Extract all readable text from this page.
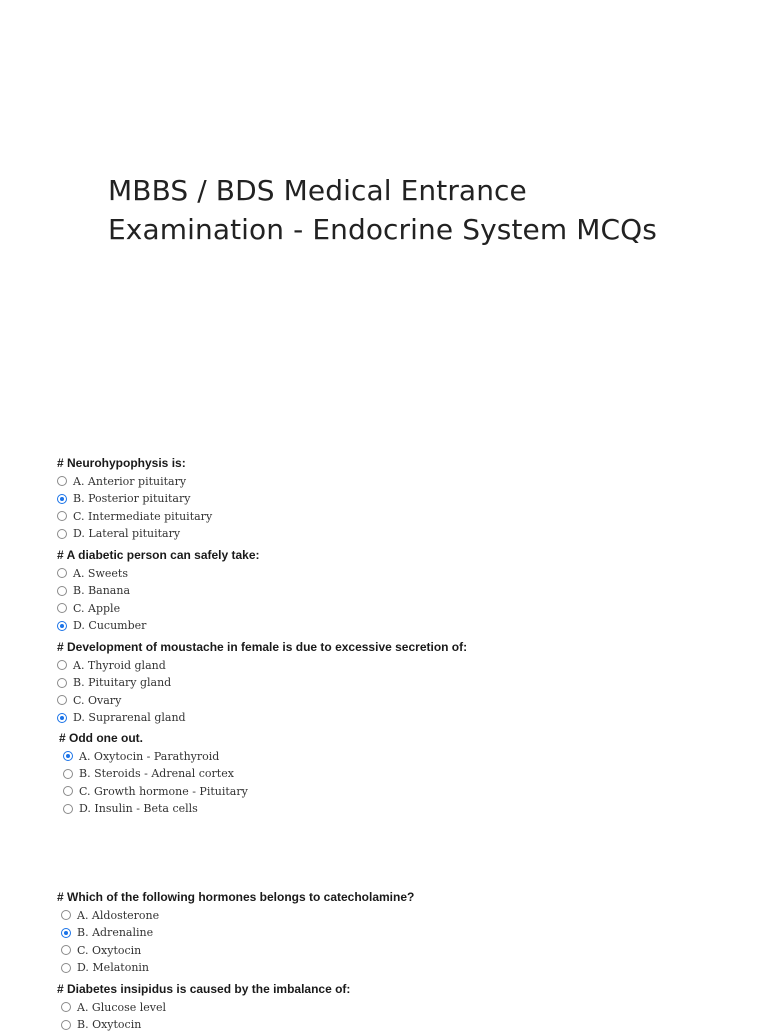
MBBS / BDS Medical Entrance
Examination - Endocrine System MCQs
# Neurohypophysis is:
A. Anterior pituitary
B. Posterior pituitary
C. Intermediate pituitary
D. Lateral pituitary
# A diabetic person can safely take:
A. Sweets
B. Banana
C. Apple
D. Cucumber
# Development of moustache in female is due to excessive secretion of:
A. Thyroid gland
B. Pituitary gland
C. Ovary
D. Suprarenal gland
# Odd one out.
A. Oxytocin - Parathyroid
B. Steroids - Adrenal cortex
C. Growth hormone - Pituitary
D. Insulin - Beta cells
# Which of the following hormones belongs to catecholamine?
A. Aldosterone
B. Adrenaline
C. Oxytocin
D. Melatonin
# Diabetes insipidus is caused by the imbalance of:
A. Glucose level
B. Oxytocin
